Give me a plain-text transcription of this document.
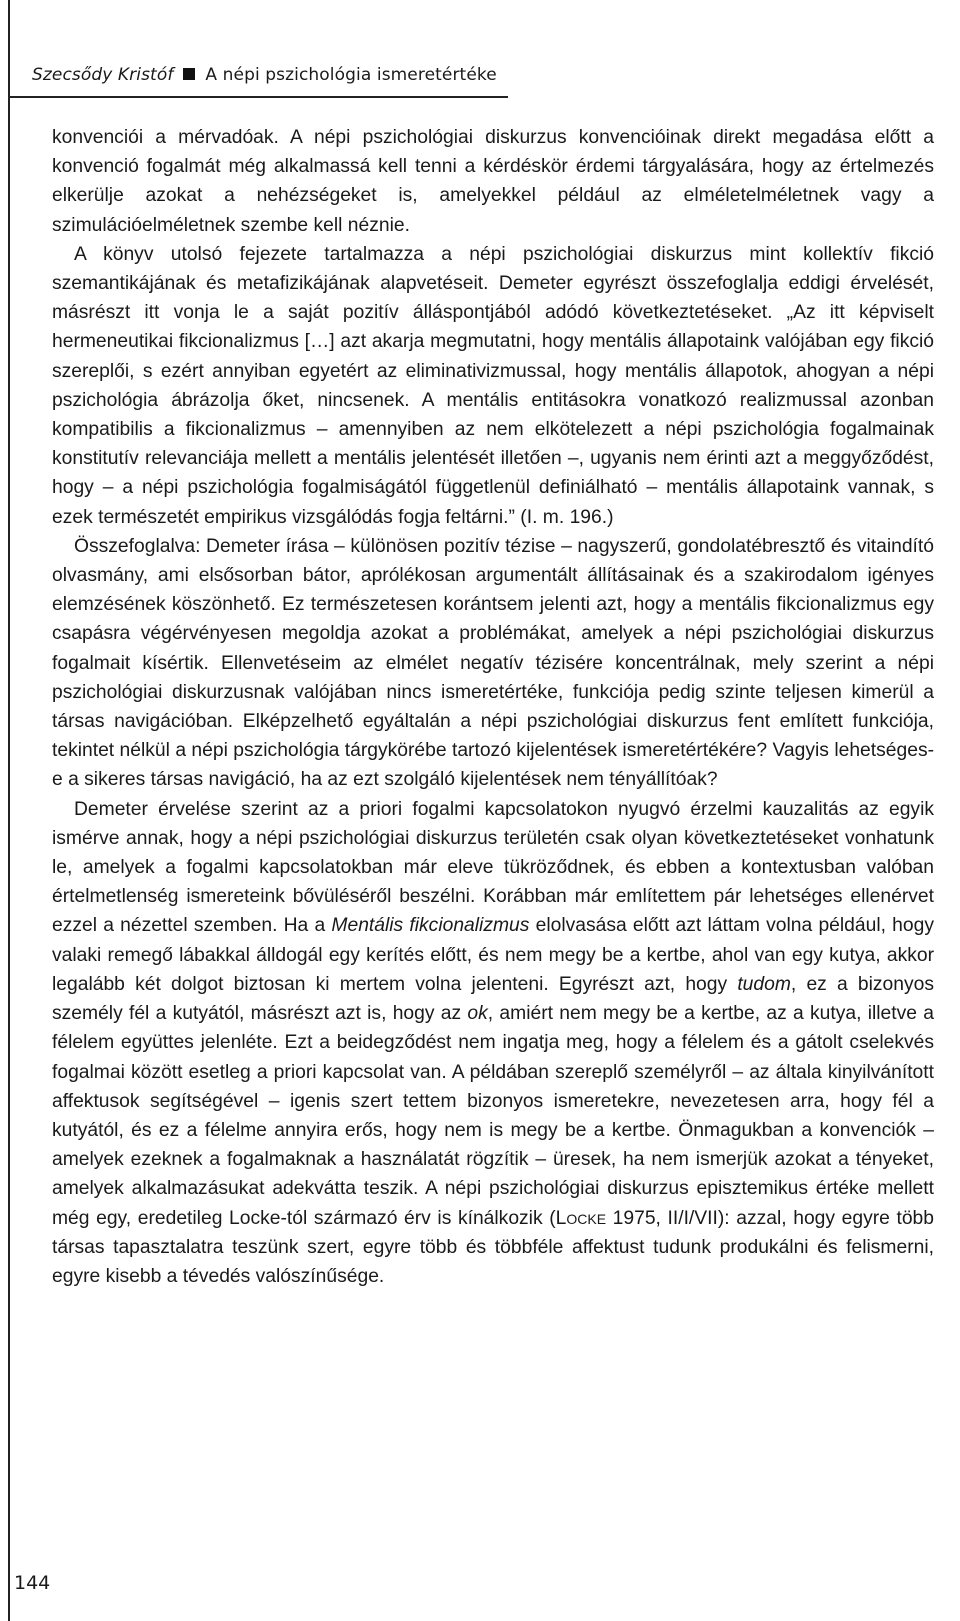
Szecsődy Kristóf A népi pszichológia ismeretértéke

konvenciói a mérvadóak. A népi pszichológiai diskurzus konvencióinak direkt megadása előtt a konvenció fogalmát még alkalmassá kell tenni a kérdéskör érdemi tárgyalására, hogy az értelmezés elkerülje azokat a nehézségeket is, amelyekkel például az elméletelméletnek vagy a szimulációelméletnek szembe kell néznie.

A könyv utolsó fejezete tartalmazza a népi pszichológiai diskurzus mint kollektív fikció szemantikájának és metafizikájának alapvetéseit. Demeter egyrészt összefoglalja eddigi érvelését, másrészt itt vonja le a saját pozitív álláspontjából adódó következtetéseket. „Az itt képviselt hermeneutikai fikcionalizmus […] azt akarja megmutatni, hogy mentális állapotaink valójában egy fikció szereplői, s ezért annyiban egyetért az eliminativizmussal, hogy mentális állapotok, ahogyan a népi pszichológia ábrázolja őket, nincsenek. A mentális entitásokra vonatkozó realizmussal azonban kompatibilis a fikcionalizmus – amennyiben az nem elkötelezett a népi pszichológia fogalmainak konstitutív relevanciája mellett a mentális jelentését illetően –, ugyanis nem érinti azt a meggyőződést, hogy – a népi pszichológia fogalmiságától függetlenül definiálható – mentális állapotaink vannak, s ezek természetét empirikus vizsgálódás fogja feltárni.” (I. m. 196.)

Összefoglalva: Demeter írása – különösen pozitív tézise – nagyszerű, gondolatébresztő és vitaindító olvasmány, ami elsősorban bátor, aprólékosan argumentált állításainak és a szakirodalom igényes elemzésének köszönhető. Ez természetesen korántsem jelenti azt, hogy a mentális fikcionalizmus egy csapásra végérvényesen megoldja azokat a problémákat, amelyek a népi pszichológiai diskurzus fogalmait kísértik. Ellenvetéseim az elmélet negatív tézisére koncentrálnak, mely szerint a népi pszichológiai diskurzusnak valójában nincs ismeretértéke, funkciója pedig szinte teljesen kimerül a társas navigációban. Elképzelhető egyáltalán a népi pszichológiai diskurzus fent említett funkciója, tekintet nélkül a népi pszichológia tárgykörébe tartozó kijelentések ismeretértékére? Vagyis lehetséges-e a sikeres társas navigáció, ha az ezt szolgáló kijelentések nem tényállítóak?

Demeter érvelése szerint az a priori fogalmi kapcsolatokon nyugvó érzelmi kauzalitás az egyik ismérve annak, hogy a népi pszichológiai diskurzus területén csak olyan következtetéseket vonhatunk le, amelyek a fogalmi kapcsolatokban már eleve tükröződnek, és ebben a kontextusban valóban értelmetlenség ismereteink bővüléséről beszélni. Korábban már említettem pár lehetséges ellenérvet ezzel a nézettel szemben. Ha a Mentális fikcionalizmus elolvasása előtt azt láttam volna például, hogy valaki remegő lábakkal álldogál egy kerítés előtt, és nem megy be a kertbe, ahol van egy kutya, akkor legalább két dolgot biztosan ki mertem volna jelenteni. Egyrészt azt, hogy tudom, ez a bizonyos személy fél a kutyától, másrészt azt is, hogy az ok, amiért nem megy be a kertbe, az a kutya, illetve a félelem együttes jelenléte. Ezt a beidegződést nem ingatja meg, hogy a félelem és a gátolt cselekvés fogalmai között esetleg a priori kapcsolat van. A példában szereplő személyről – az általa kinyilvánított affektusok segítségével – igenis szert tettem bizonyos ismeretekre, nevezetesen arra, hogy fél a kutyától, és ez a félelme annyira erős, hogy nem is megy be a kertbe. Önmagukban a konvenciók – amelyek ezeknek a fogalmaknak a használatát rögzítik – üresek, ha nem ismerjük azokat a tényeket, amelyek alkalmazásukat adekvátta teszik. A népi pszichológiai diskurzus episztemikus értéke mellett még egy, eredetileg Locke-tól származó érv is kínálkozik (Locke 1975, II/I/VII): azzal, hogy egyre több társas tapasztalatra teszünk szert, egyre több és többféle affektust tudunk produkálni és felismerni, egyre kisebb a tévedés valószínűsége.

144
